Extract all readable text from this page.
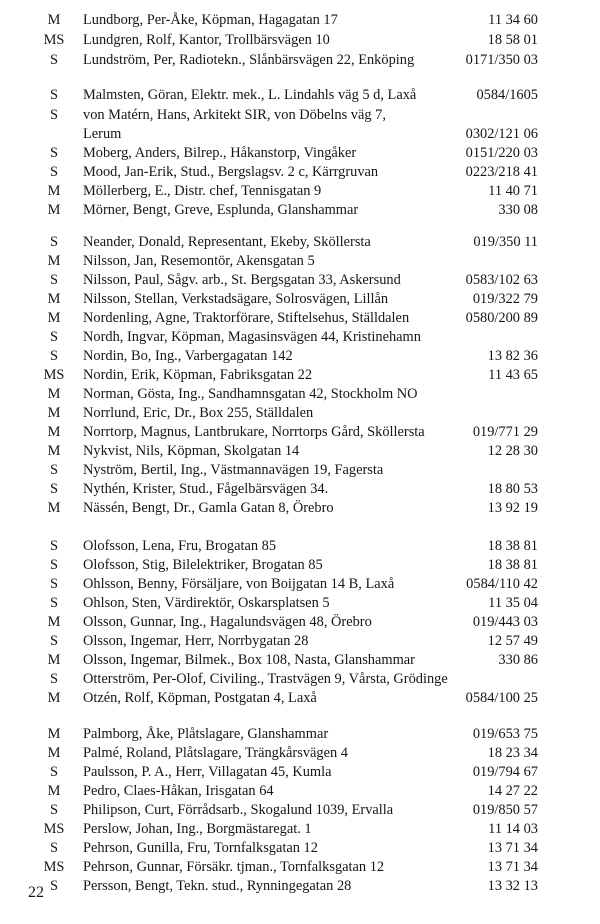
M	Lundborg, Per-Åke, Köpman, Hagagatan 17	11 34 60
MS	Lundgren, Rolf, Kantor, Trollbärsvägen 10	18 58 01
S	Lundström, Per, Radiotekn., Slånbärsvägen 22, Enköping	0171/350 03
S	Malmsten, Göran, Elektr. mek., L. Lindahls väg 5 d, Laxå	0584/1605
S	von Matérn, Hans, Arkitekt SIR, von Döbelns väg 7,
Lerum	0302/121 06
S	Moberg, Anders, Bilrep., Håkanstorp, Vingåker	0151/220 03
S	Mood, Jan-Erik, Stud., Bergslagsv. 2 c, Kärrgruvan	0223/218 41
M	Möllerberg, E., Distr. chef, Tennisgatan 9	11 40 71
M	Mörner, Bengt, Greve, Esplunda, Glanshammar	330 08
S	Neander, Donald, Representant, Ekeby, Sköllersta	019/350 11
M	Nilsson, Jan, Resemontör, Akensgatan 5
S	Nilsson, Paul, Sågv. arb., St. Bergsgatan 33, Askersund	0583/102 63
M	Nilsson, Stellan, Verkstadsägare, Solrosvägen, Lillån	019/322 79
M	Nordenling, Agne, Traktorförare, Stiftelsehus, Ställdalen	0580/200 89
S	Nordh, Ingvar, Köpman, Magasinsvägen 44, Kristinehamn
S	Nordin, Bo, Ing., Varbergagatan 142	13 82 36
MS	Nordin, Erik, Köpman, Fabriksgatan 22	11 43 65
M	Norman, Gösta, Ing., Sandhamnsgatan 42, Stockholm NO
M	Norrlund, Eric, Dr., Box 255, Ställdalen
M	Norrtorp, Magnus, Lantbrukare, Norrtorps Gård, Sköllersta	019/771 29
M	Nykvist, Nils, Köpman, Skolgatan 14	12 28 30
S	Nyström, Bertil, Ing., Västmannavägen 19, Fagersta
S	Nythén, Krister, Stud., Fågelbärsvägen 34.	18 80 53
M	Nässén, Bengt, Dr., Gamla Gatan 8, Örebro	13 92 19
S	Olofsson, Lena, Fru, Brogatan 85	18 38 81
S	Olofsson, Stig, Bilelektriker, Brogatan 85	18 38 81
S	Ohlsson, Benny, Försäljare, von Boijgatan 14 B, Laxå	0584/110 42
S	Ohlson, Sten, Värdirektör, Oskarsplatsen 5	11 35 04
M	Olsson, Gunnar, Ing., Hagalundsvägen 48, Örebro	019/443 03
S	Olsson, Ingemar, Herr, Norrbygatan 28	12 57 49
M	Olsson, Ingemar, Bilmek., Box 108, Nasta, Glanshammar	330 86
S	Otterström, Per-Olof, Civiling., Trastvägen 9, Vårsta, Grödinge
M	Otzén, Rolf, Köpman, Postgatan 4, Laxå	0584/100 25
M	Palmborg, Åke, Plåtslagare, Glanshammar	019/653 75
M	Palmé, Roland, Plåtslagare, Trängkårsvägen 4	18 23 34
S	Paulsson, P. A., Herr, Villagatan 45, Kumla	019/794 67
M	Pedro, Claes-Håkan, Irisgatan 64	14 27 22
S	Philipson, Curt, Förrådsarb., Skogalund 1039, Ervalla	019/850 57
MS	Perslow, Johan, Ing., Borgmästaregat. 1	11 14 03
S	Pehrson, Gunilla, Fru, Tornfalksgatan 12	13 71 34
MS	Pehrson, Gunnar, Försäkr. tjman., Tornfalksgatan 12	13 71 34
S	Persson, Bengt, Tekn. stud., Rynningegatan 28	13 32 13
22
